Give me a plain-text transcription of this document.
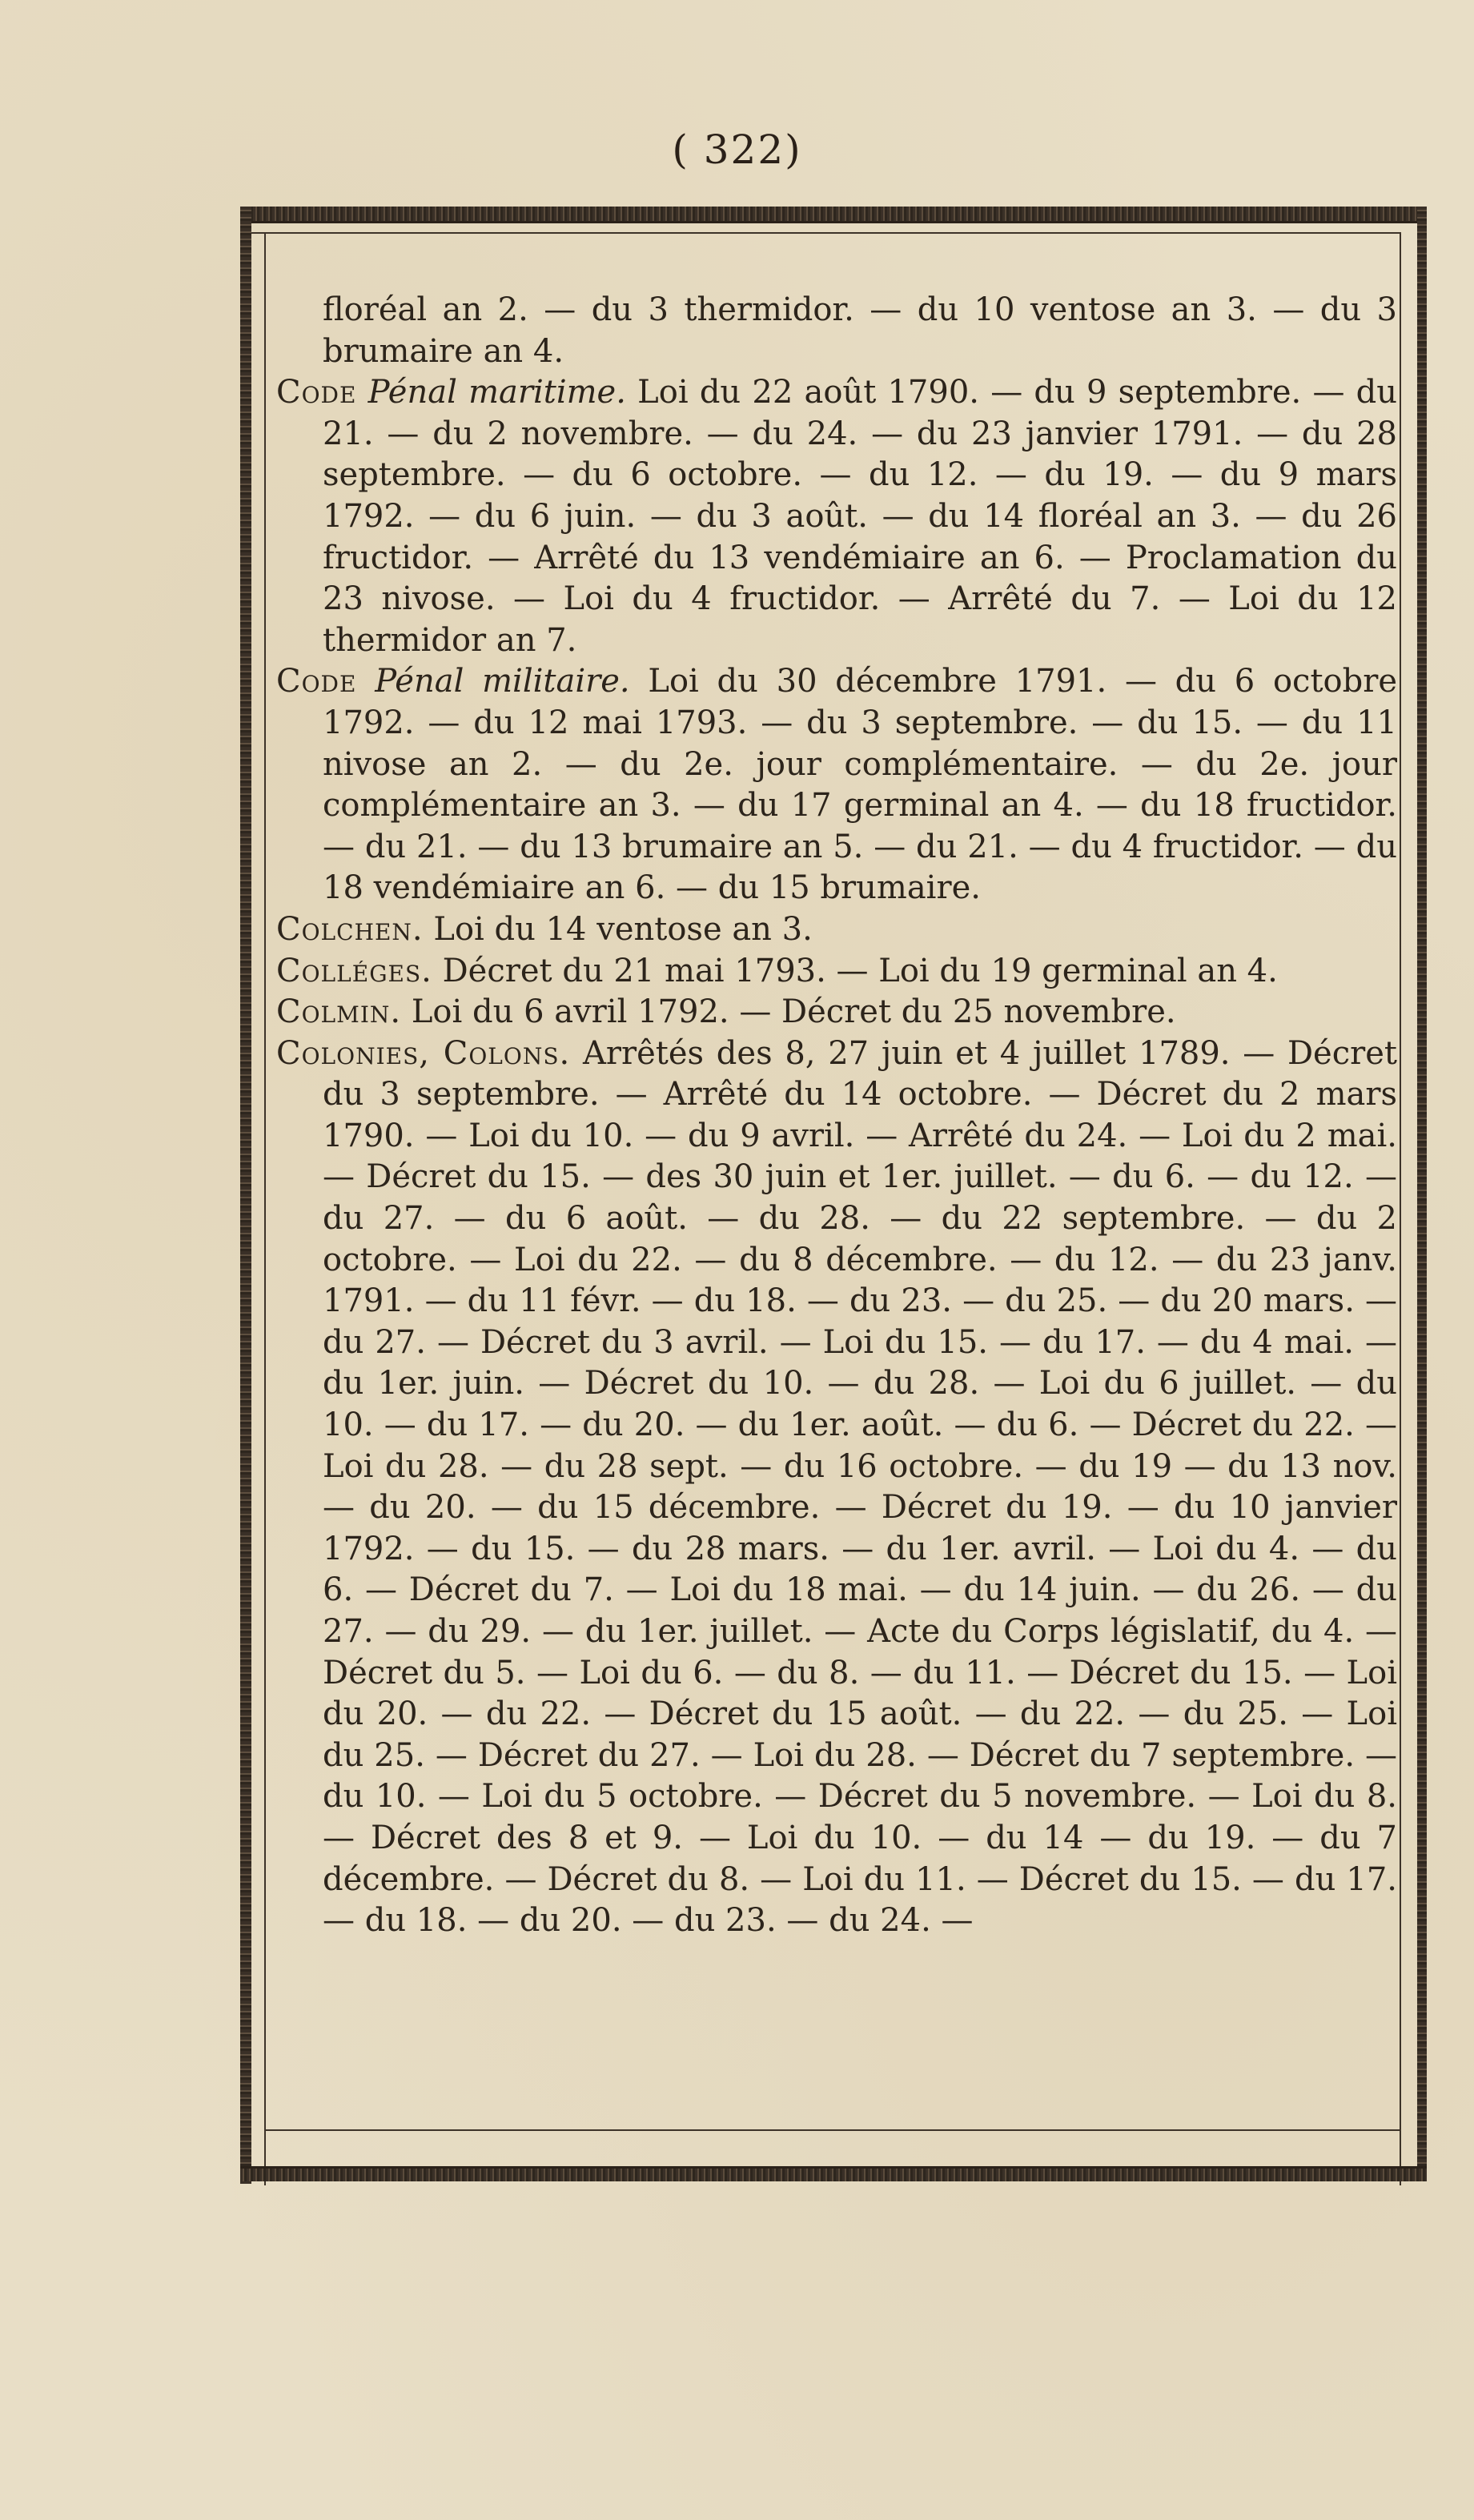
( 322)

floréal an 2. — du 3 thermidor. — du 10 ventose an 3. — du 3 brumaire an 4.

Code Pénal maritime. Loi du 22 août 1790. — du 9 septembre. — du 21. — du 2 novembre. — du 24. — du 23 janvier 1791. — du 28 septembre. — du 6 octobre. — du 12. — du 19. — du 9 mars 1792. — du 6 juin. — du 3 août. — du 14 floréal an 3. — du 26 fructidor. — Arrêté du 13 vendémiaire an 6. — Proclamation du 23 nivose. — Loi du 4 fructidor. — Arrêté du 7. — Loi du 12 thermidor an 7.

Code Pénal militaire. Loi du 30 décembre 1791. — du 6 octobre 1792. — du 12 mai 1793. — du 3 septembre. — du 15. — du 11 nivose an 2. — du 2e. jour complémentaire. — du 2e. jour complémentaire an 3. — du 17 germinal an 4. — du 18 fructidor. — du 21. — du 13 brumaire an 5. — du 21. — du 4 fructidor. — du 18 vendémiaire an 6. — du 15 brumaire.

Colchen. Loi du 14 ventose an 3.

Colléges. Décret du 21 mai 1793. — Loi du 19 germinal an 4.

Colmin. Loi du 6 avril 1792. — Décret du 25 novembre.

Colonies, Colons. Arrêtés des 8, 27 juin et 4 juillet 1789. — Décret du 3 septembre. — Arrêté du 14 octobre. — Décret du 2 mars 1790. — Loi du 10. — du 9 avril. — Arrêté du 24. — Loi du 2 mai. — Décret du 15. — des 30 juin et 1er. juillet. — du 6. — du 12. — du 27. — du 6 août. — du 28. — du 22 septembre. — du 2 octobre. — Loi du 22. — du 8 décembre. — du 12. — du 23 janv. 1791. — du 11 févr. — du 18. — du 23. — du 25. — du 20 mars. — du 27. — Décret du 3 avril. — Loi du 15. — du 17. — du 4 mai. — du 1er. juin. — Décret du 10. — du 28. — Loi du 6 juillet. — du 10. — du 17. — du 20. — du 1er. août. — du 6. — Décret du 22. — Loi du 28. — du 28 sept. — du 16 octobre. — du 19 — du 13 nov. — du 20. — du 15 décembre. — Décret du 19. — du 10 janvier 1792. — du 15. — du 28 mars. — du 1er. avril. — Loi du 4. — du 6. — Décret du 7. — Loi du 18 mai. — du 14 juin. — du 26. — du 27. — du 29. — du 1er. juillet. — Acte du Corps législatif, du 4. — Décret du 5. — Loi du 6. — du 8. — du 11. — Décret du 15. — Loi du 20. — du 22. — Décret du 15 août. — du 22. — du 25. — Loi du 25. — Décret du 27. — Loi du 28. — Décret du 7 septembre. — du 10. — Loi du 5 octobre. — Décret du 5 novembre. — Loi du 8. — Décret des 8 et 9. — Loi du 10. — du 14 — du 19. — du 7 décembre. — Décret du 8. — Loi du 11. — Décret du 15. — du 17. — du 18. — du 20. — du 23. — du 24. —
